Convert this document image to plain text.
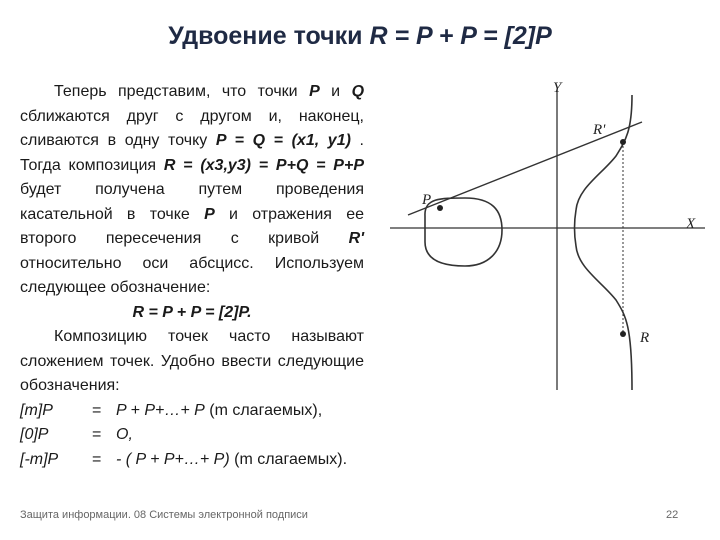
Удвоение точки R = P + P = [2]P

Теперь представим, что точки P и Q сближаются друг с другом и, наконец, сливаются в одну точку P = Q = (x1, y1) . Тогда композиция R = (x3,y3) = P+Q = P+P будет получена путем проведения касательной в точке P и отражения ее второго пересечения с кривой R' относительно оси абсцисс. Используем следующее обозначение:

R = P + P = [2]P.

Композицию точек часто называют сложением точек. Удобно ввести следующие обозначения:

[m]P	= P + P+…+ P (m слагаемых),
[0]P	= O,
[-m]P	= - ( P + P+…+ P) (m слагаемых).
Y
X
P
R'
R
Защита информации. 08 Системы электронной подписи	22
